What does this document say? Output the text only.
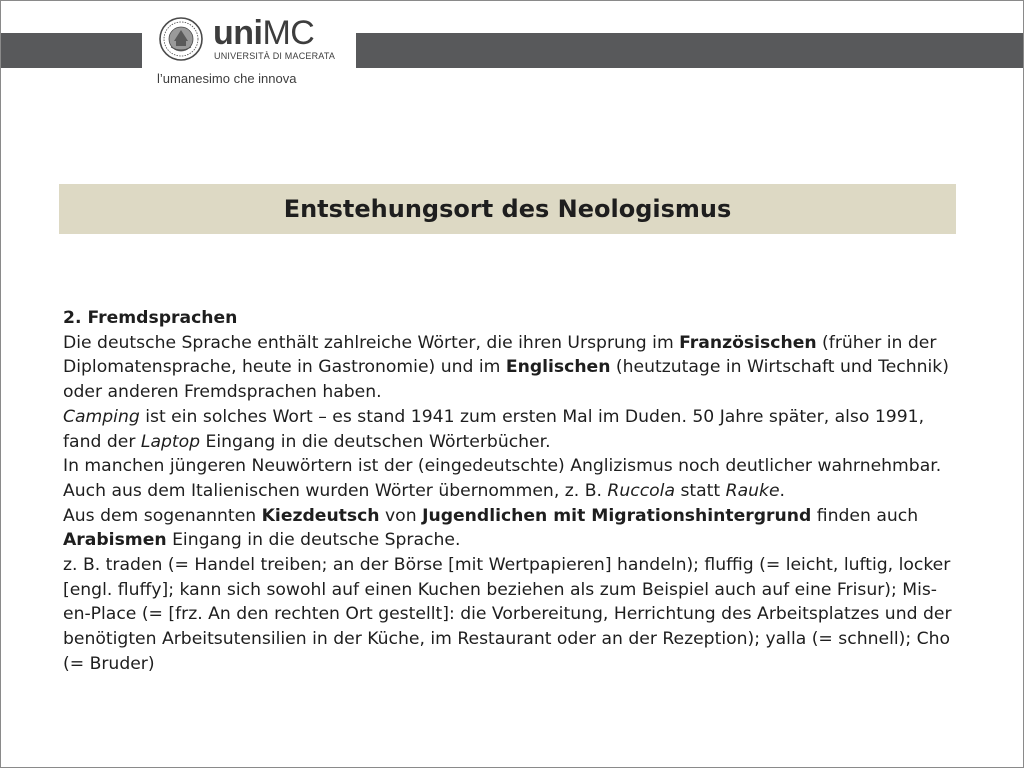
uniMC
UNIVERSITÀ DI MACERATA
l’umanesimo che innova
Entstehungsort des Neologismus

2. Fremdsprachen

Die deutsche Sprache enthält zahlreiche Wörter, die ihren Ursprung im Französischen (früher in der Diplomatensprache, heute in Gastronomie) und im Englischen (heutzutage in Wirtschaft und Technik) oder anderen Fremdsprachen haben.

Camping ist ein solches Wort – es stand 1941 zum ersten Mal im Duden. 50 Jahre später, also 1991, fand der Laptop Eingang in die deutschen Wörterbücher.

In manchen jüngeren Neuwörtern ist der (eingedeutschte) Anglizismus noch deutlicher wahrnehmbar.

Auch aus dem Italienischen wurden Wörter übernommen, z. B. Ruccola statt Rauke.

Aus dem sogenannten Kiezdeutsch von Jugendlichen mit Migrationshintergrund finden auch Arabismen Eingang in die deutsche Sprache.

z. B. traden (= Handel treiben; an der Börse [mit Wertpapieren] handeln); fluffig (= leicht, luftig, locker [engl. fluffy]; kann sich sowohl auf einen Kuchen beziehen als zum Beispiel auch auf eine Frisur); Mis-en-Place (= [frz. An den rechten Ort gestellt]: die Vorbereitung, Herrichtung des Arbeitsplatzes und der benötigten Arbeitsutensilien in der Küche, im Restaurant oder an der Rezeption); yalla (= schnell); Cho (= Bruder)
